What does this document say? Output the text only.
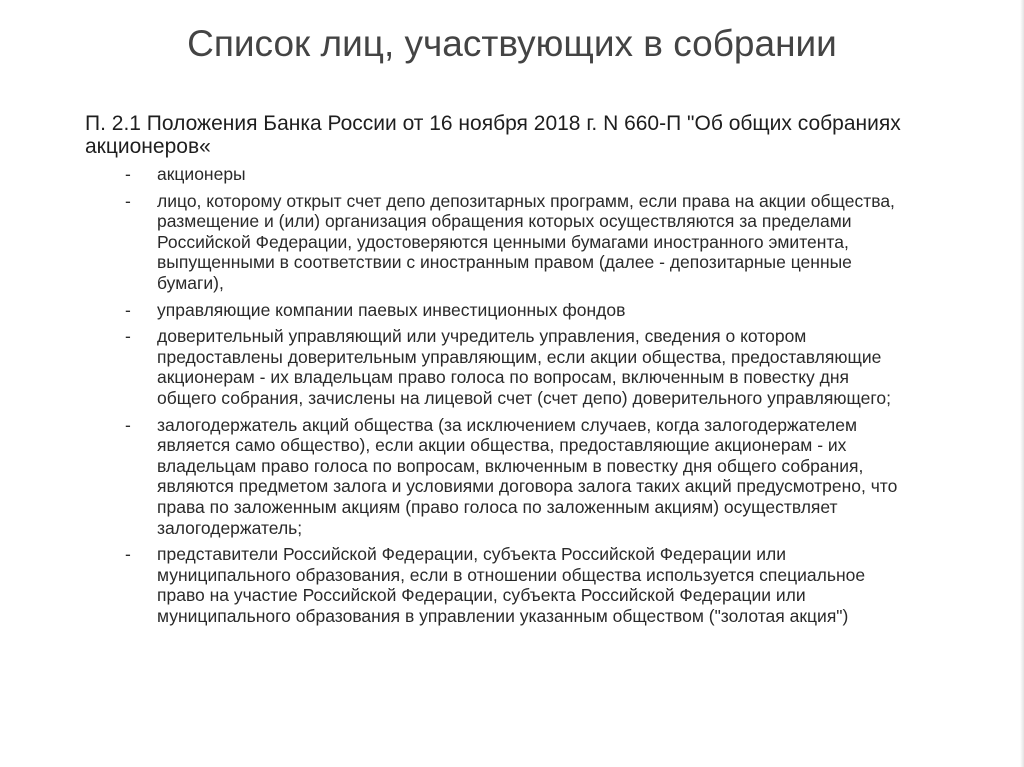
Список лиц, участвующих в собрании

П. 2.1 Положения Банка России от 16 ноября 2018 г. N 660-П "Об общих собраниях акционеров«

-	акционеры
-	лицо, которому открыт счет депо депозитарных программ, если права на акции общества, размещение и (или) организация обращения которых осуществляются за пределами Российской Федерации, удостоверяются ценными бумагами иностранного эмитента, выпущенными в соответствии с иностранным правом (далее - депозитарные ценные бумаги),
-	управляющие компании паевых инвестиционных фондов
-	доверительный управляющий или учредитель управления, сведения о котором предоставлены доверительным управляющим, если акции общества, предоставляющие акционерам - их владельцам право голоса по вопросам, включенным в повестку дня общего собрания, зачислены на лицевой счет (счет депо) доверительного управляющего;
-	залогодержатель акций общества (за исключением случаев, когда залогодержателем является само общество), если акции общества, предоставляющие акционерам - их владельцам право голоса по вопросам, включенным в повестку дня общего собрания, являются предметом залога и условиями договора залога таких акций предусмотрено, что права по заложенным акциям (право голоса по заложенным акциям) осуществляет залогодержатель;
-	представители Российской Федерации, субъекта Российской Федерации или муниципального образования, если в отношении общества используется специальное право на участие Российской Федерации, субъекта Российской Федерации или муниципального образования в управлении указанным обществом ("золотая акция")
